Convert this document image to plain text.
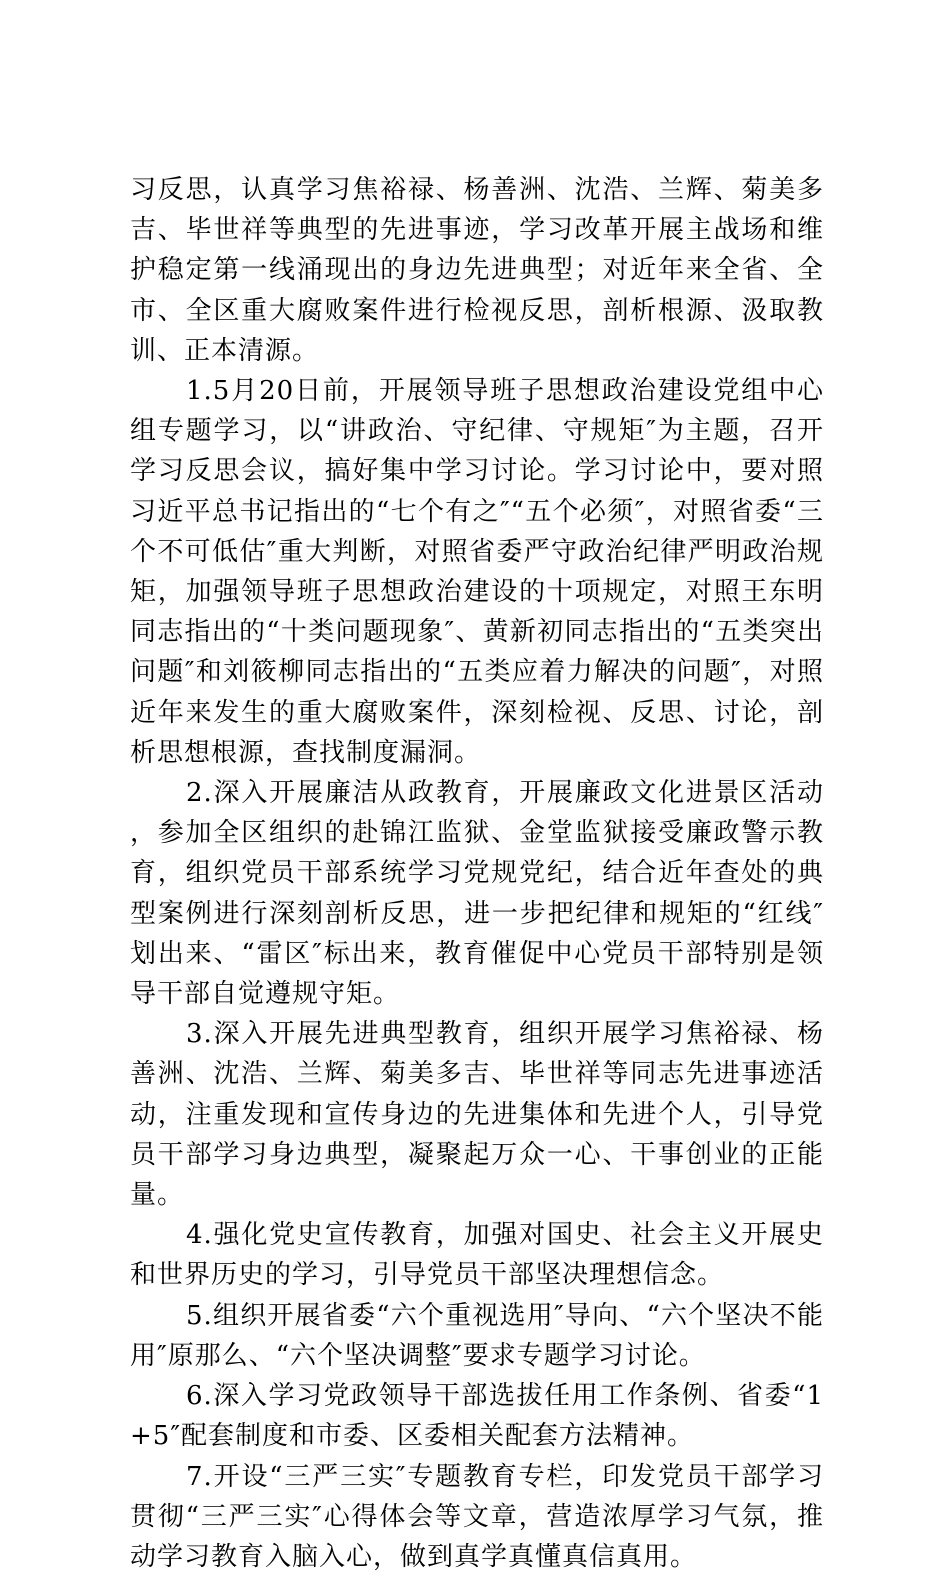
习反思，认真学习焦裕禄、杨善洲、沈浩、兰辉、菊美多吉、毕世祥等典型的先进事迹，学习改革开展主战场和维护稳定第一线涌现出的身边先进典型；对近年来全省、全市、全区重大腐败案件进行检视反思，剖析根源、汲取教训、正本清源。

1.5月20日前，开展领导班子思想政治建设党组中心组专题学习，以“讲政治、守纪律、守规矩″为主题，召开学习反思会议，搞好集中学习讨论。学习讨论中，要对照习近平总书记指出的“七个有之″“五个必须″，对照省委“三个不可低估″重大判断，对照省委严守政治纪律严明政治规矩，加强领导班子思想政治建设的十项规定，对照王东明同志指出的“十类问题现象″、黄新初同志指出的“五类突出问题″和刘筱柳同志指出的“五类应着力解决的问题″，对照近年来发生的重大腐败案件，深刻检视、反思、讨论，剖析思想根源，查找制度漏洞。

2.深入开展廉洁从政教育，开展廉政文化进景区活动，参加全区组织的赴锦江监狱、金堂监狱接受廉政警示教育，组织党员干部系统学习党规党纪，结合近年查处的典型案例进行深刻剖析反思，进一步把纪律和规矩的“红线″划出来、“雷区″标出来，教育催促中心党员干部特别是领导干部自觉遵规守矩。

3.深入开展先进典型教育，组织开展学习焦裕禄、杨善洲、沈浩、兰辉、菊美多吉、毕世祥等同志先进事迹活动，注重发现和宣传身边的先进集体和先进个人，引导党员干部学习身边典型，凝聚起万众一心、干事创业的正能量。

4.强化党史宣传教育，加强对国史、社会主义开展史和世界历史的学习，引导党员干部坚决理想信念。

5.组织开展省委“六个重视选用″导向、“六个坚决不能用″原那么、“六个坚决调整″要求专题学习讨论。

6.深入学习党政领导干部选拔任用工作条例、省委“1+5″配套制度和市委、区委相关配套方法精神。

7.开设“三严三实″专题教育专栏，印发党员干部学习贯彻“三严三实″心得体会等文章，营造浓厚学习气氛，推动学习教育入脑入心，做到真学真懂真信真用。
